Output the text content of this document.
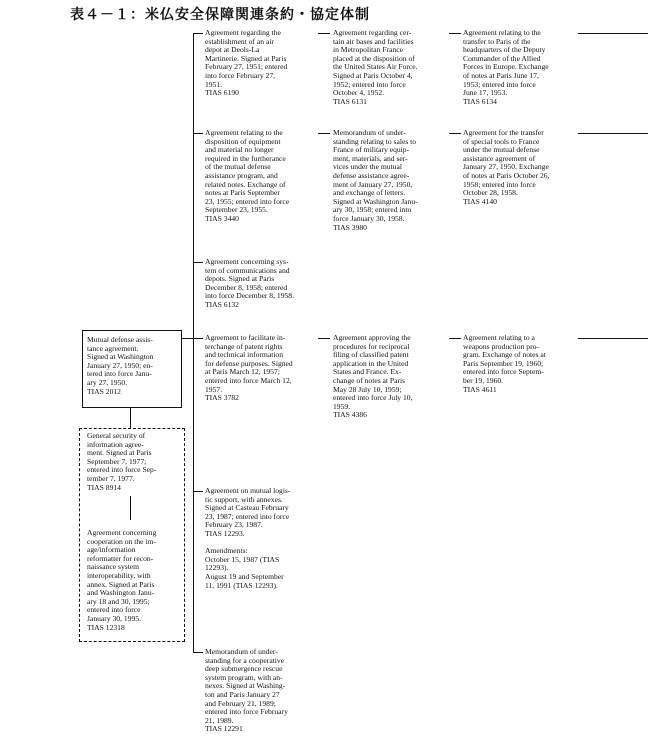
表４－１：米仏安全保障関連条約・協定体制
Mutual defense assis-
tance agreement.
Signed at Washington
January 27, 1950; en-
tered into force Janu-
ary 27, 1950.
TIAS 2012
General security of
information agree-
ment. Signed at Paris
September 7, 1977;
entered into force Sep-
tember 7, 1977.
TIAS 8914
Agreement concerning
cooperation on the im-
age/information
reformatter for recon-
naissance system
interoperability, with
annex. Signed at Paris
and Washington Janu-
ary 18 and 30, 1995;
entered into force
January 30, 1995.
TIAS 12318
Agreement regarding the
establishment of an air
depot at Deols-La
Martinerie. Signed at Paris
February 27, 1951; entered
into force February 27,
1951.
TIAS 6190
Agreement relating to the
disposition of equipment
and material no longer
required in the furtherance
of the mutual defense
assistance program, and
related notes. Exchange of
notes at Paris September
23, 1955; entered into force
September 23, 1955.
TIAS 3440
Agreement concerning sys-
tem of communications and
depots. Signed at Paris
December 8, 1958; entered
into force December 8, 1958.
TIAS 6132
Agreement to facilitate in-
terchange of patent rights
and technical information
for defense purposes. Signed
at Paris March 12, 1957;
entered into force March 12,
1957.
TIAS 3782
Agreement on mutual logis-
tic support, with annexes.
Signed at Casteau February
23, 1987; entered into force
February 23, 1987.
TIAS 12293.

Amendments:
October 15, 1987 (TIAS
12293).
August 19 and September
11, 1991 (TIAS 12293).
Memorandum of under-
standing for a cooperative
deep submergence rescue
system program, with an-
nexes. Signed at Washing-
ton and Paris January 27
and February 21, 1989;
entered into force February
21, 1989.
TIAS 12291
Agreement regarding cer-
tain air bases and facilities
in Metropolitan France
placed at the disposition of
the United States Air Force.
Signed at Paris October 4,
1952; entered into force
October 4, 1952.
TIAS 6131
Memorandum of under-
standing relating to sales to
France of military equip-
ment, materials, and ser-
vices under the mutual
defense assistance agree-
ment of January 27, 1950,
and exchange of letters.
Signed at Washington Janu-
ary 30, 1958; entered into
force January 30, 1958.
TIAS 3980
Agreement approving the
procedures for reciprocal
filing of classified patent
application in the United
States and France. Ex-
change of notes at Paris
May 28 July 10, 1959;
entered into force July 10,
1959.
TIAS 4386
Agreement relating to the
transfer to Paris of the
headquarters of the Deputy
Commander of the Allied
Forces in Europe. Exchange
of notes at Paris June 17,
1953; entered into force
June 17, 1953.
TIAS 6134
Agreement for the transfer
of special tools to France
under the mutual defense
assistance agreement of
January 27, 1950. Exchange
of notes at Paris October 26,
1958; entered into force
October 28, 1958.
TIAS 4140
Agreement relating to a
weapons production pro-
gram. Exchange of notes at
Paris September 19, 1960;
entered into force Septem-
ber 19, 1960.
TIAS 4611
